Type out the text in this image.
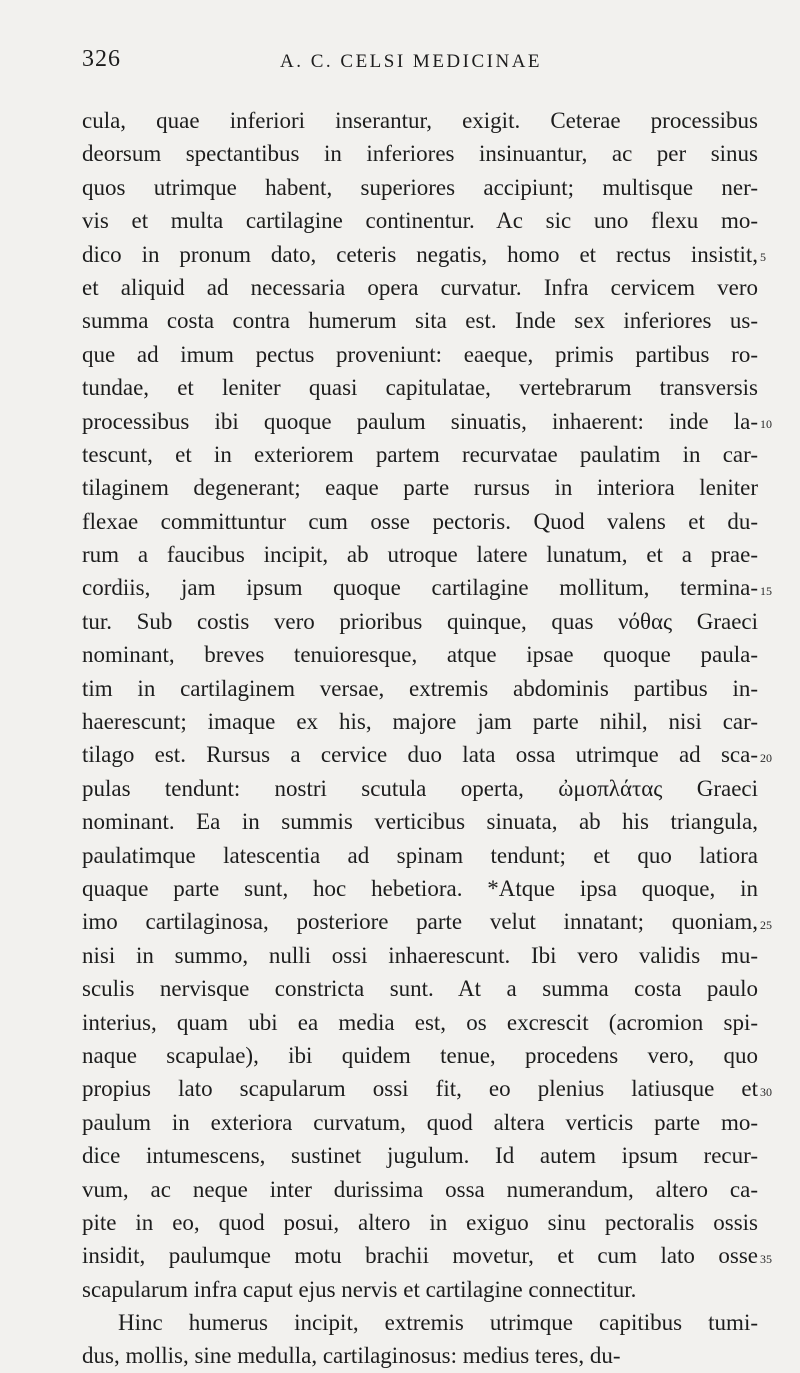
326	A. C. CELSI MEDICINAE
cula, quae inferiori inserantur, exigit. Ceterae processibus
deorsum spectantibus in inferiores insinuantur, ac per sinus
quos utrimque habent, superiores accipiunt; multisque ner-
vis et multa cartilagine continentur. Ac sic uno flexu mo-
dico in pronum dato, ceteris negatis, homo et rectus insistit,
et aliquid ad necessaria opera curvatur. Infra cervicem vero
summa costa contra humerum sita est. Inde sex inferiores us-
que ad imum pectus proveniunt: eaeque, primis partibus ro-
tundae, et leniter quasi capitulatae, vertebrarum transversis
processibus ibi quoque paulum sinuatis, inhaerent: inde la-
tescunt, et in exteriorem partem recurvatae paulatim in car-
tilaginem degenerant; eaque parte rursus in interiora leniter
flexae committuntur cum osse pectoris. Quod valens et du-
rum a faucibus incipit, ab utroque latere lunatum, et a prae-
cordiis, jam ipsum quoque cartilagine mollitum, termina-
tur. Sub costis vero prioribus quinque, quas νόθας Graeci
nominant, breves tenuioresque, atque ipsae quoque paula-
tim in cartilaginem versae, extremis abdominis partibus in-
haerescunt; imaque ex his, majore jam parte nihil, nisi car-
tilago est. Rursus a cervice duo lata ossa utrimque ad sca-
pulas tendunt: nostri scutula operta, ὠμοπλάτας Graeci
nominant. Ea in summis verticibus sinuata, ab his triangula,
paulatimque latescentia ad spinam tendunt; et quo latiora
quaque parte sunt, hoc hebetiora. *Atque ipsa quoque, in
imo cartilaginosa, posteriore parte velut innatant; quoniam,
nisi in summo, nulli ossi inhaerescunt. Ibi vero validis mu-
sculis nervisque constricta sunt. At a summa costa paulo
interius, quam ubi ea media est, os excrescit (acromion spi-
naque scapulae), ibi quidem tenue, procedens vero, quo
propius lato scapularum ossi fit, eo plenius latiusque et
paulum in exteriora curvatum, quod altera verticis parte mo-
dice intumescens, sustinet jugulum. Id autem ipsum recur-
vum, ac neque inter durissima ossa numerandum, altero ca-
pite in eo, quod posui, altero in exiguo sinu pectoralis ossis
insidit, paulumque motu brachii movetur, et cum lato osse
scapularum infra caput ejus nervis et cartilagine connectitur.
Hinc humerus incipit, extremis utrimque capitibus tumi-
dus, mollis, sine medulla, cartilaginosus: medius teres, du-
5
10
15
20
25
30
35
